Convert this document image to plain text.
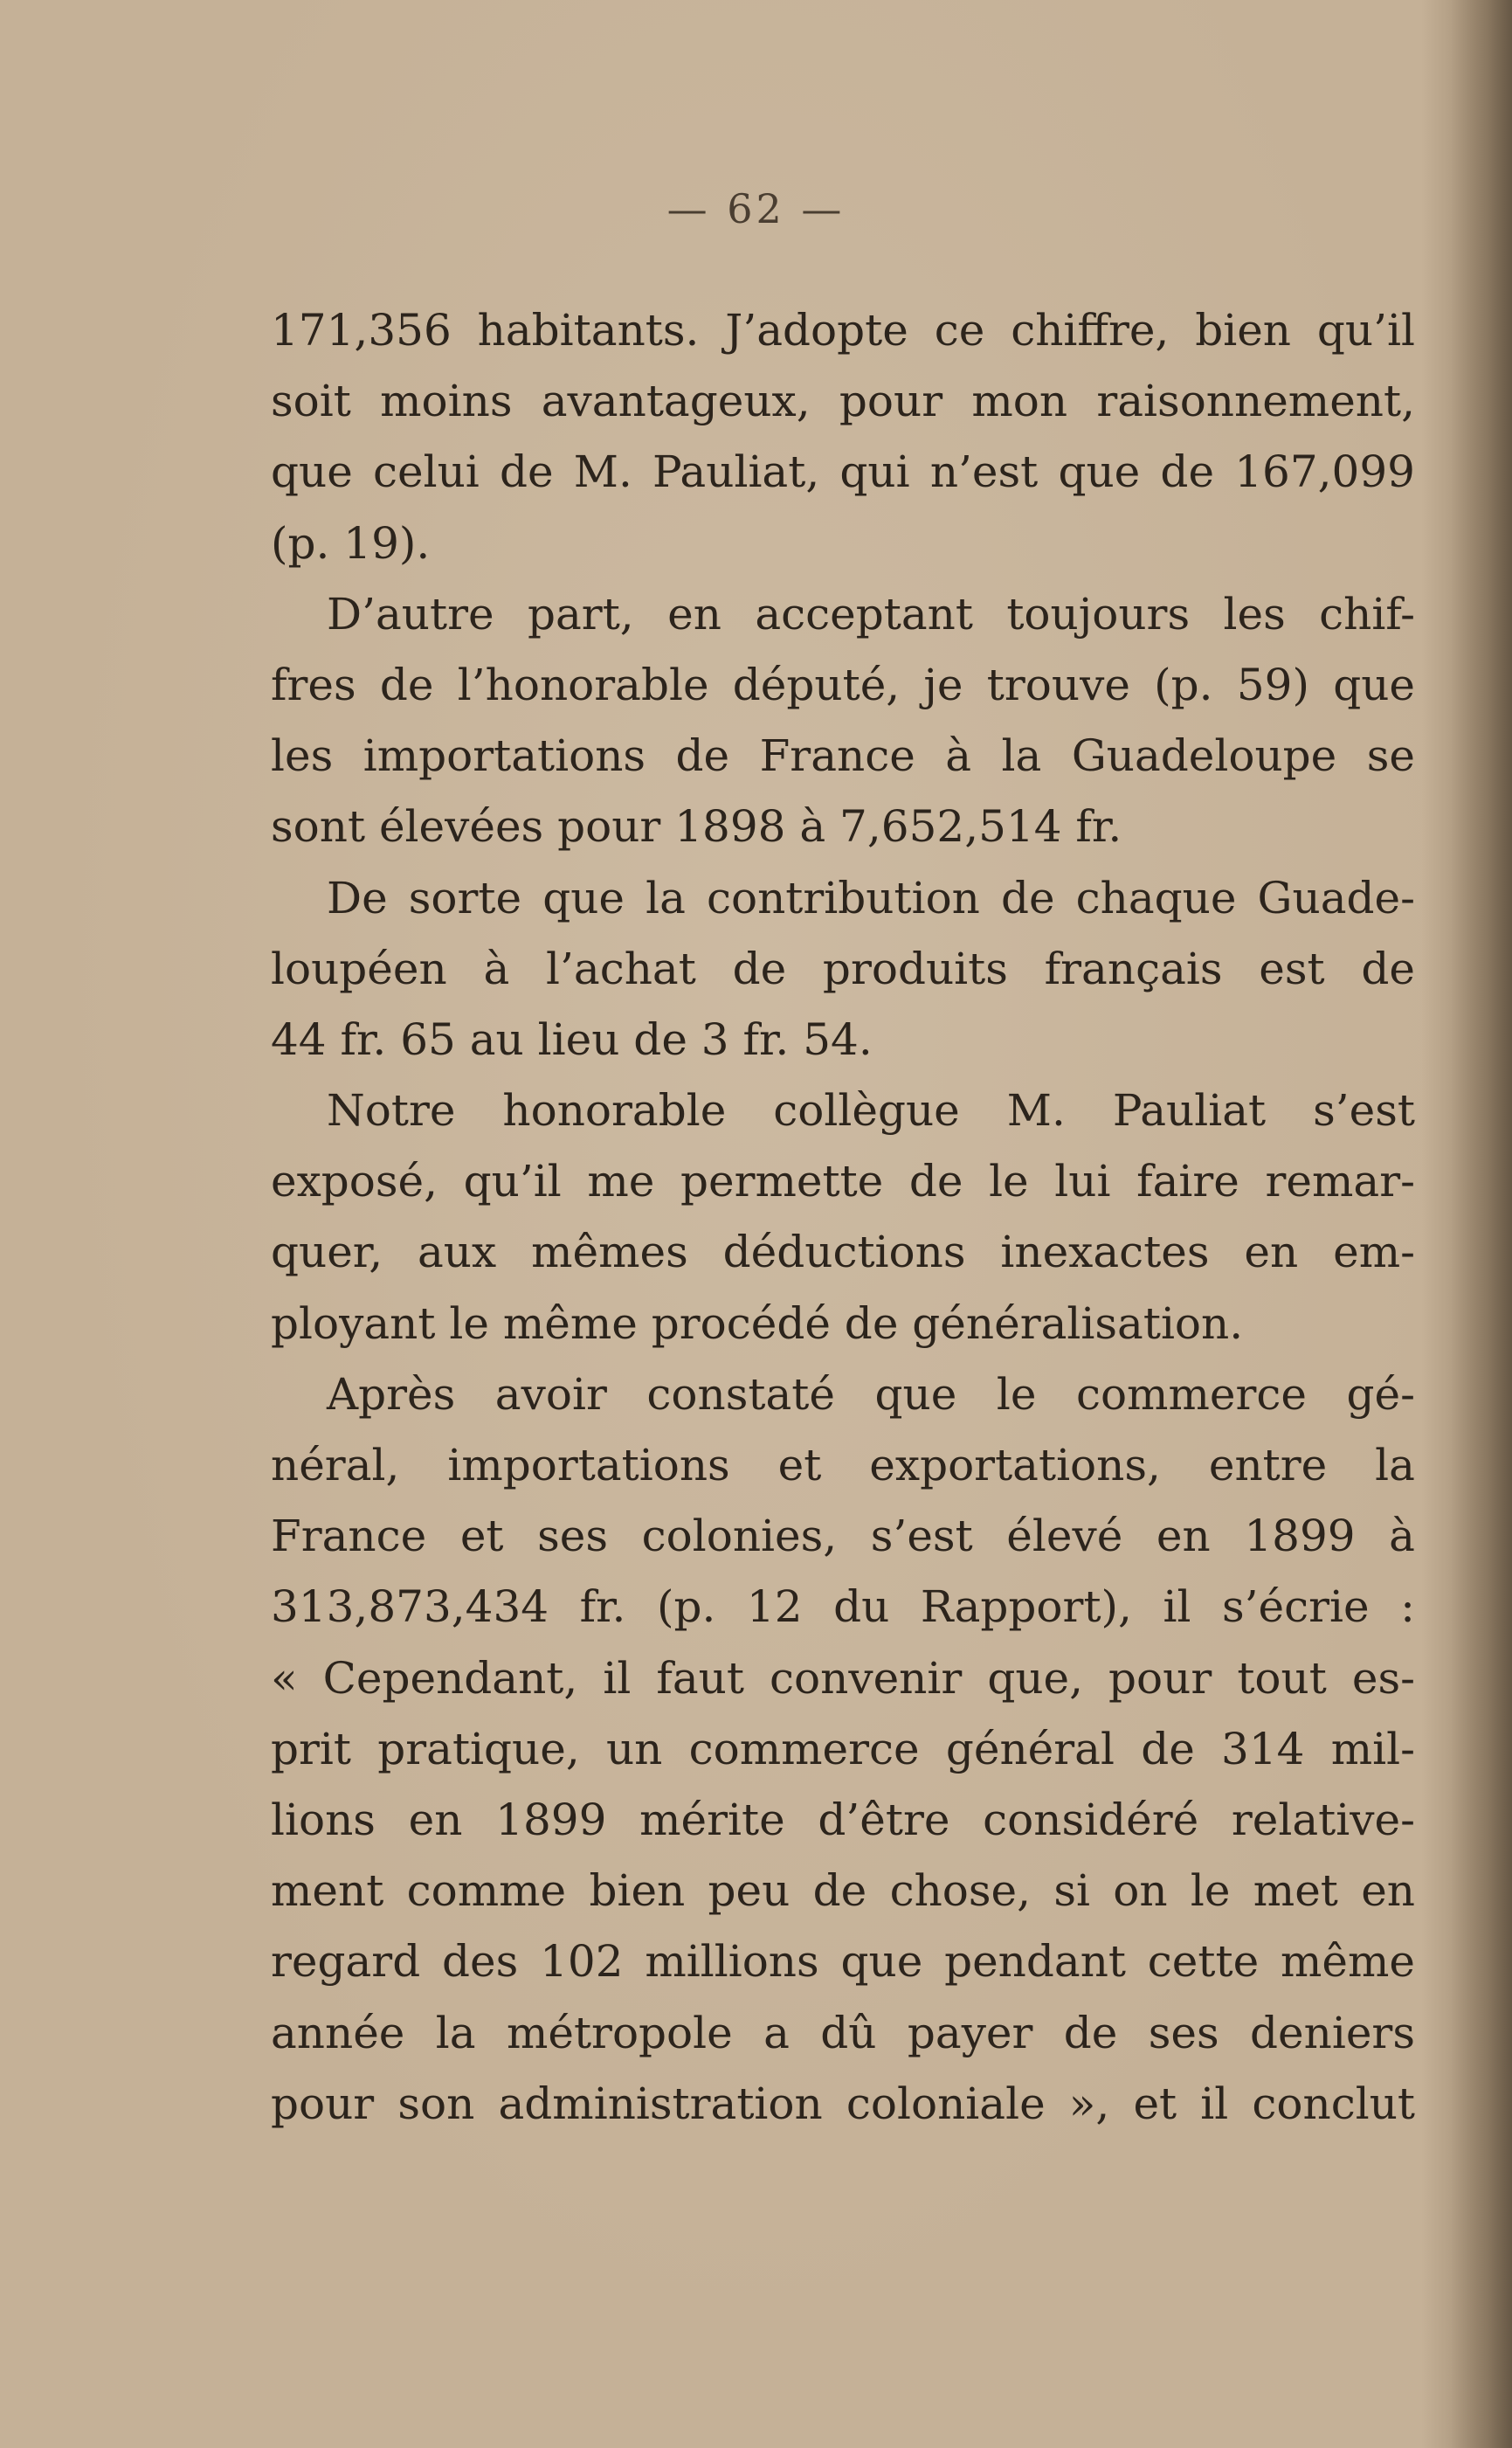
— 62 —
171,356 habitants. J’adopte ce chiffre, bien qu’il
soit moins avantageux, pour mon raisonnement,
que celui de M. Pauliat, qui n’est que de 167,099
(p. 19).
D’autre part, en acceptant toujours les chif-
fres de l’honorable député, je trouve (p. 59) que
les importations de France à la Guadeloupe se
sont élevées pour 1898 à 7,652,514 fr.
De sorte que la contribution de chaque Guade-
loupéen à l’achat de produits français est de
44 fr. 65 au lieu de 3 fr. 54.
Notre honorable collègue M. Pauliat s’est
exposé, qu’il me permette de le lui faire remar-
quer, aux mêmes déductions inexactes en em-
ployant le même procédé de généralisation.
Après avoir constaté que le commerce gé-
néral, importations et exportations, entre la
France et ses colonies, s’est élevé en 1899 à
313,873,434 fr. (p. 12 du Rapport), il s’écrie :
« Cependant, il faut convenir que, pour tout es-
prit pratique, un commerce général de 314 mil-
lions en 1899 mérite d’être considéré relative-
ment comme bien peu de chose, si on le met en
regard des 102 millions que pendant cette même
année la métropole a dû payer de ses deniers
pour son administration coloniale », et il conclut
